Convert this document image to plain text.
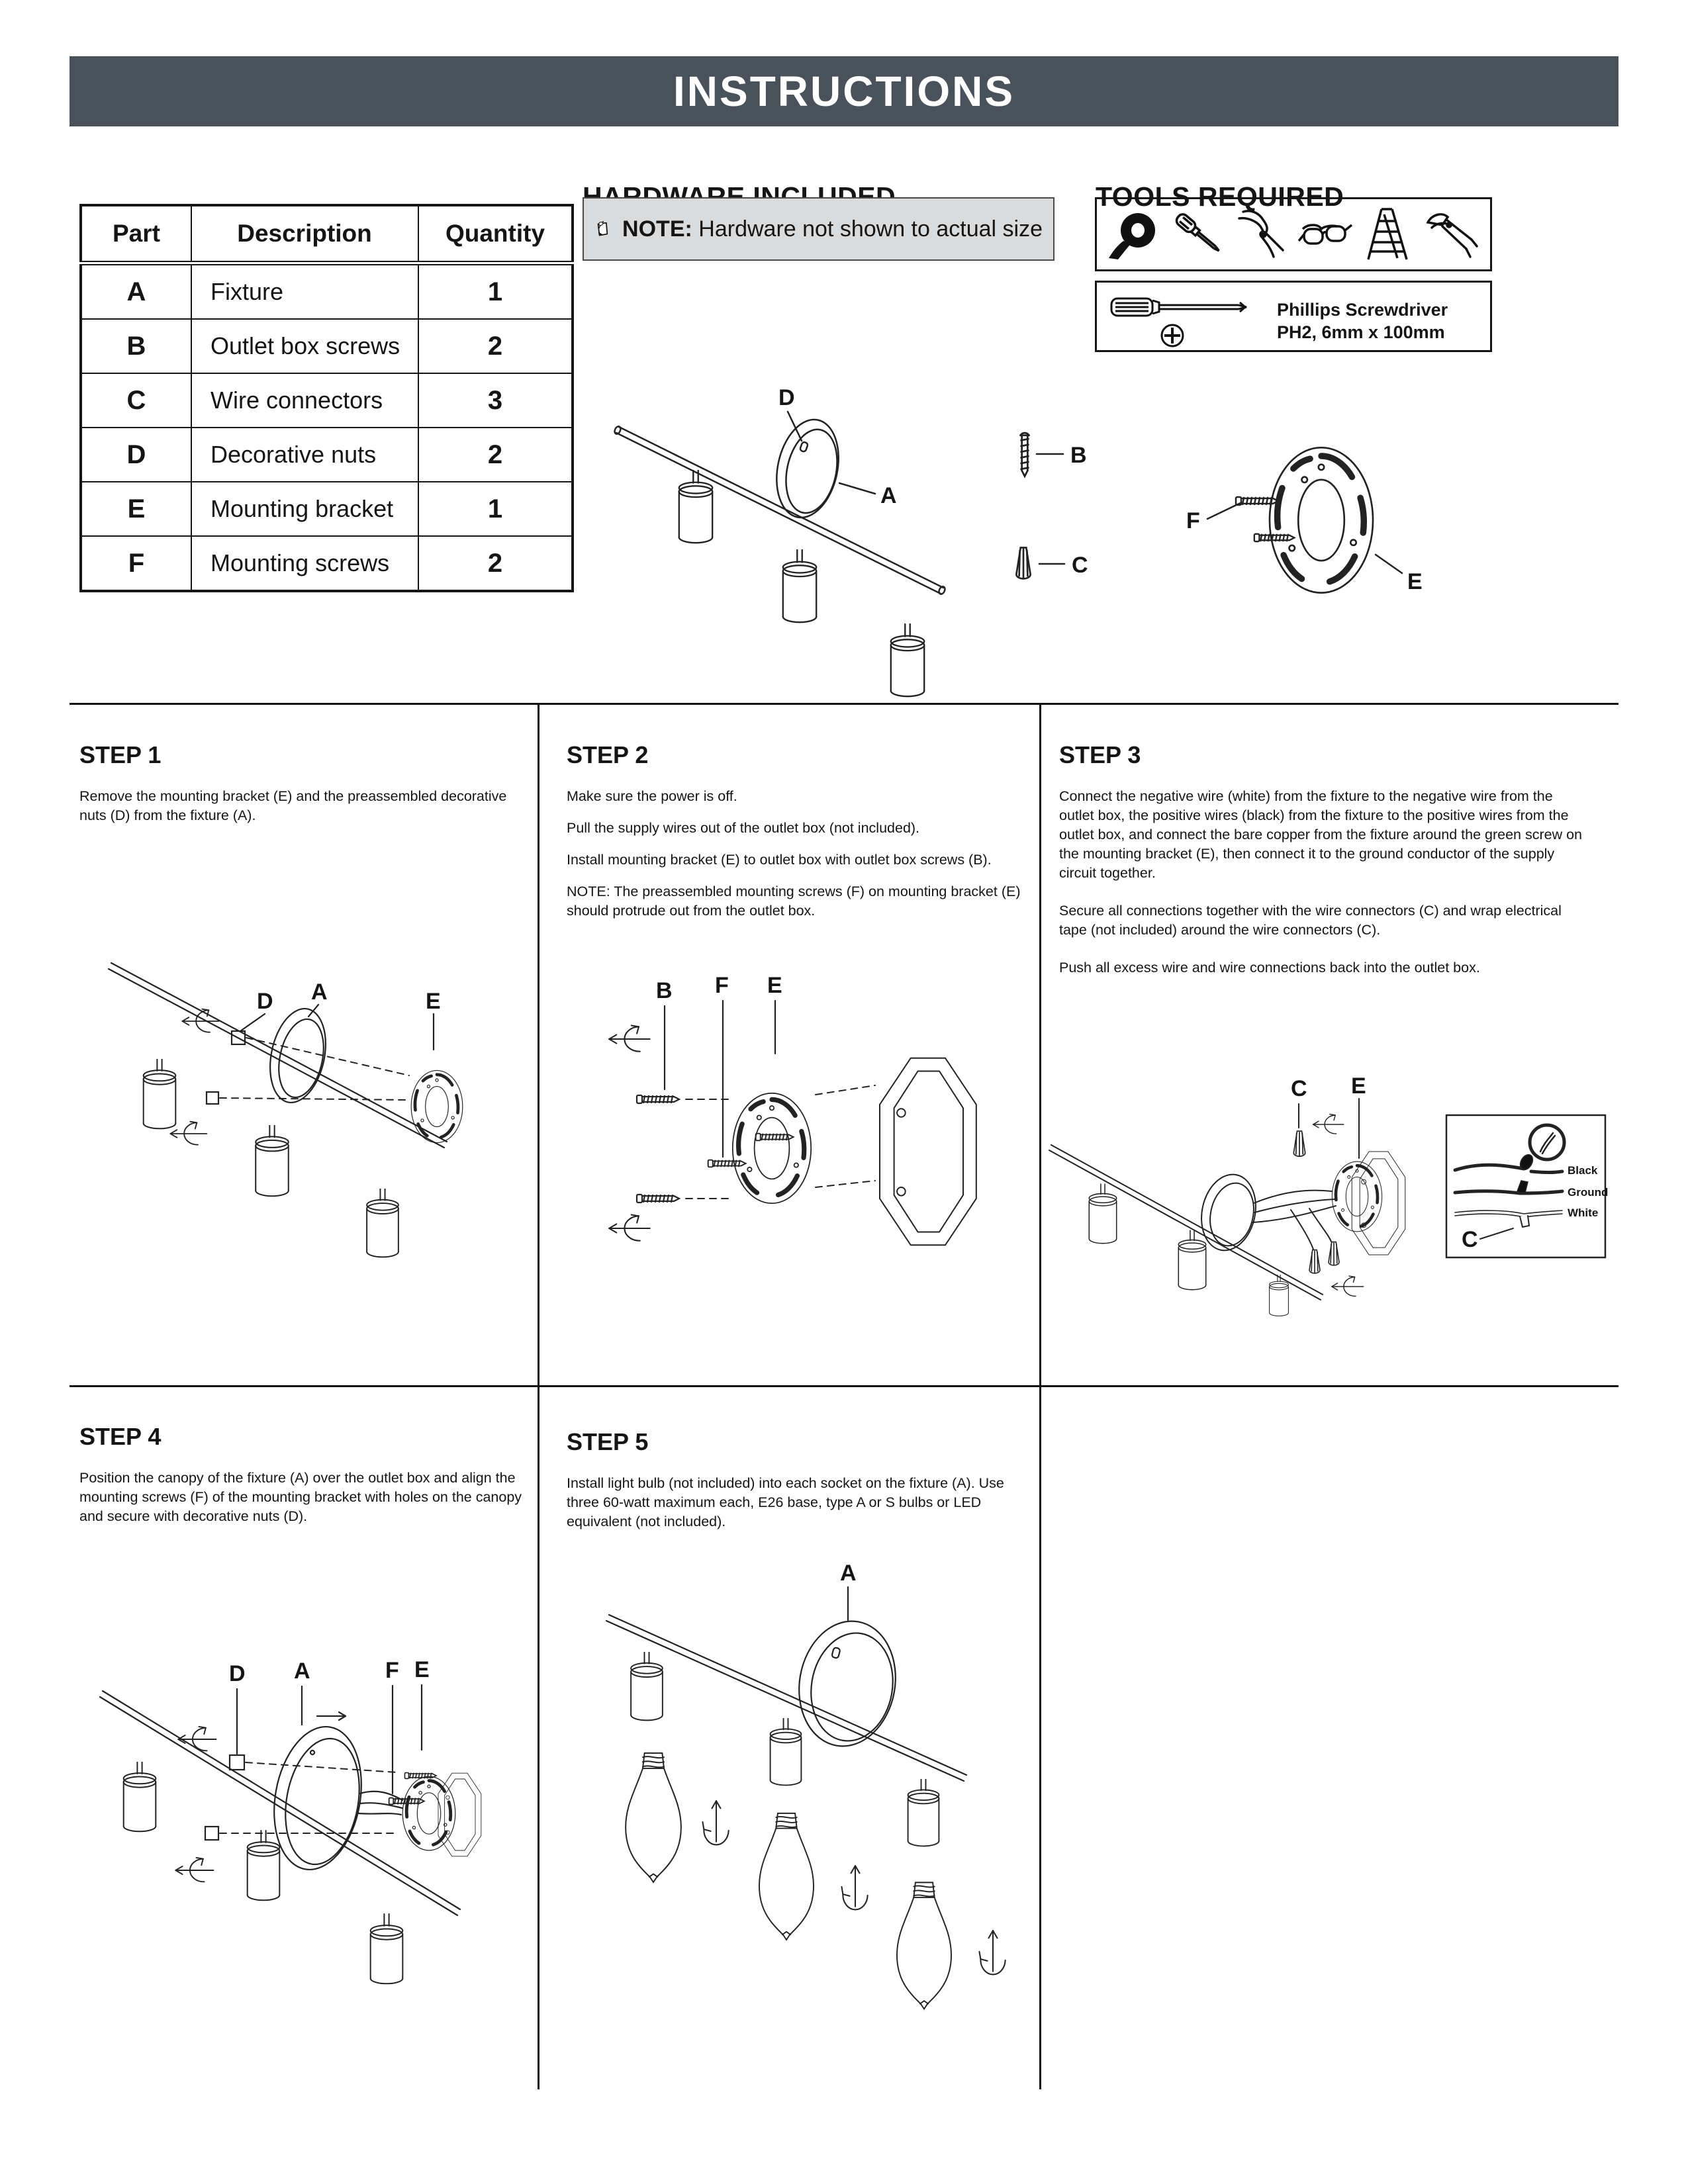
INSTRUCTIONS
Part	Description	Quantity
A	Fixture	1
B	Outlet box screws	2
C	Wire connectors	3
D	Decorative nuts	2
E	Mounting bracket	1
F	Mounting screws	2
NOTE: Hardware not shown to actual size
TOOLS REQUIRED
Phillips Screwdriver
PH2, 6mm x 100mm
D
A
B
C
F
E
STEP 1

Remove the mounting bracket (E) and the preassembled decorative nuts (D) from the fixture (A).

D A	E
STEP 2

Make sure the power is off.

Pull the supply wires out of the outlet box (not included).

Install mounting bracket (E) to outlet box with outlet box screws (B).

NOTE: The preassembled mounting screws (F) on mounting bracket (E) should protrude out from the outlet box.

B F E
STEP 3

Connect the negative wire (white) from the fixture to the negative wire from the outlet box, the positive wires (black) from the fixture to the positive wires from the outlet box, and connect the bare copper from the fixture around the green screw on the mounting bracket (E), then connect it to the ground conductor of the supply circuit together.

Secure all connections together with the wire connectors (C) and wrap electrical tape (not included) around the wire connectors (C).

Push all excess wire and wire connections back into the outlet box.

C E
C
Black
Ground
White
STEP 4

Position the canopy of the fixture (A) over the outlet box and align the mounting screws (F) of the mounting bracket with holes on the canopy and secure with decorative nuts (D).

D A	F E
STEP 5

Install light bulb (not included) into each socket on the fixture (A). Use three 60-watt maximum each, E26 base, type A or S bulbs or LED equivalent (not included).

A
